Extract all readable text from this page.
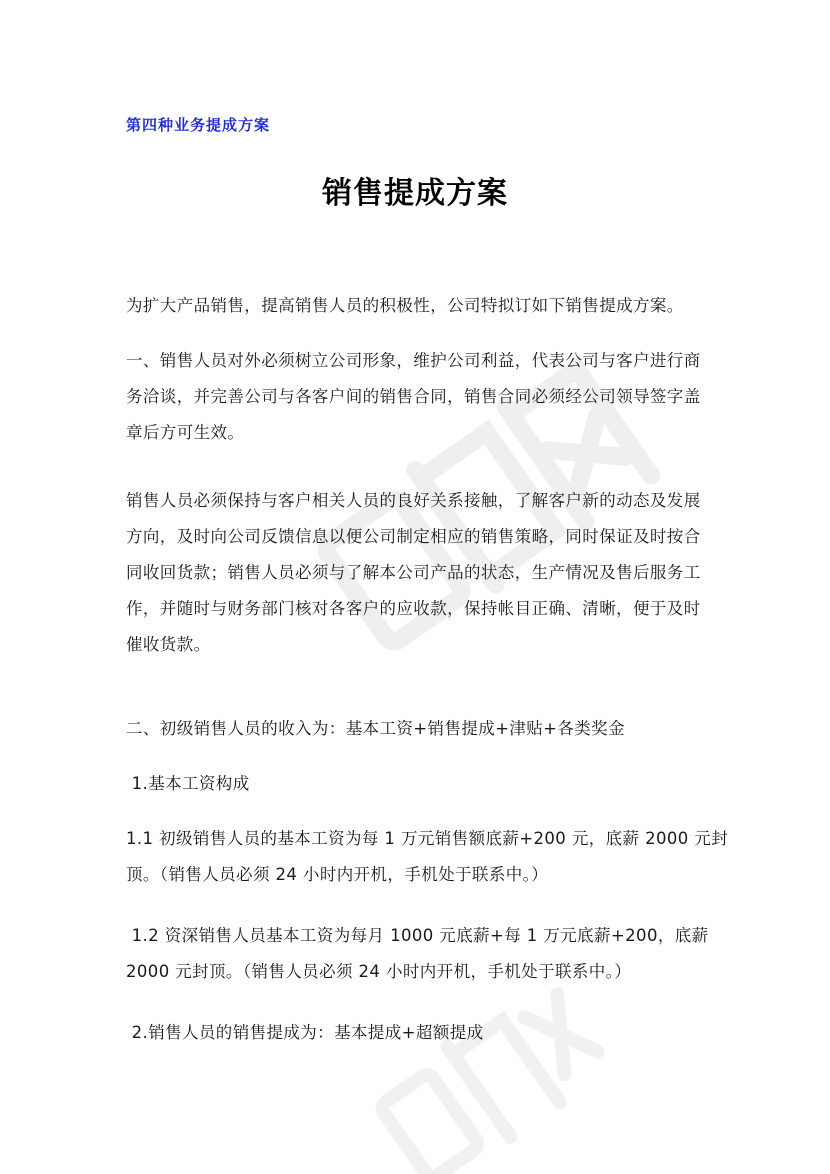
第四种业务提成方案
销售提成方案
为扩大产品销售，提高销售人员的积极性，公司特拟订如下销售提成方案。
一、销售人员对外必须树立公司形象，维护公司利益，代表公司与客户进行商
务洽谈，并完善公司与各客户间的销售合同，销售合同必须经公司领导签字盖
章后方可生效。
销售人员必须保持与客户相关人员的良好关系接触，了解客户新的动态及发展
方向，及时向公司反馈信息以便公司制定相应的销售策略，同时保证及时按合
同收回货款；销售人员必须与了解本公司产品的状态，生产情况及售后服务工
作，并随时与财务部门核对各客户的应收款，保持帐目正确、清晰，便于及时
催收货款。
二、初级销售人员的收入为：基本工资+销售提成+津贴+各类奖金
1.基本工资构成
1.1 初级销售人员的基本工资为每 1 万元销售额底薪+200 元，底薪 2000 元封
顶。（销售人员必须 24 小时内开机，手机处于联系中。）
1.2 资深销售人员基本工资为每月 1000 元底薪+每 1 万元底薪+200，底薪
2000 元封顶。（销售人员必须 24 小时内开机，手机处于联系中。）
2.销售人员的销售提成为：基本提成+超额提成
